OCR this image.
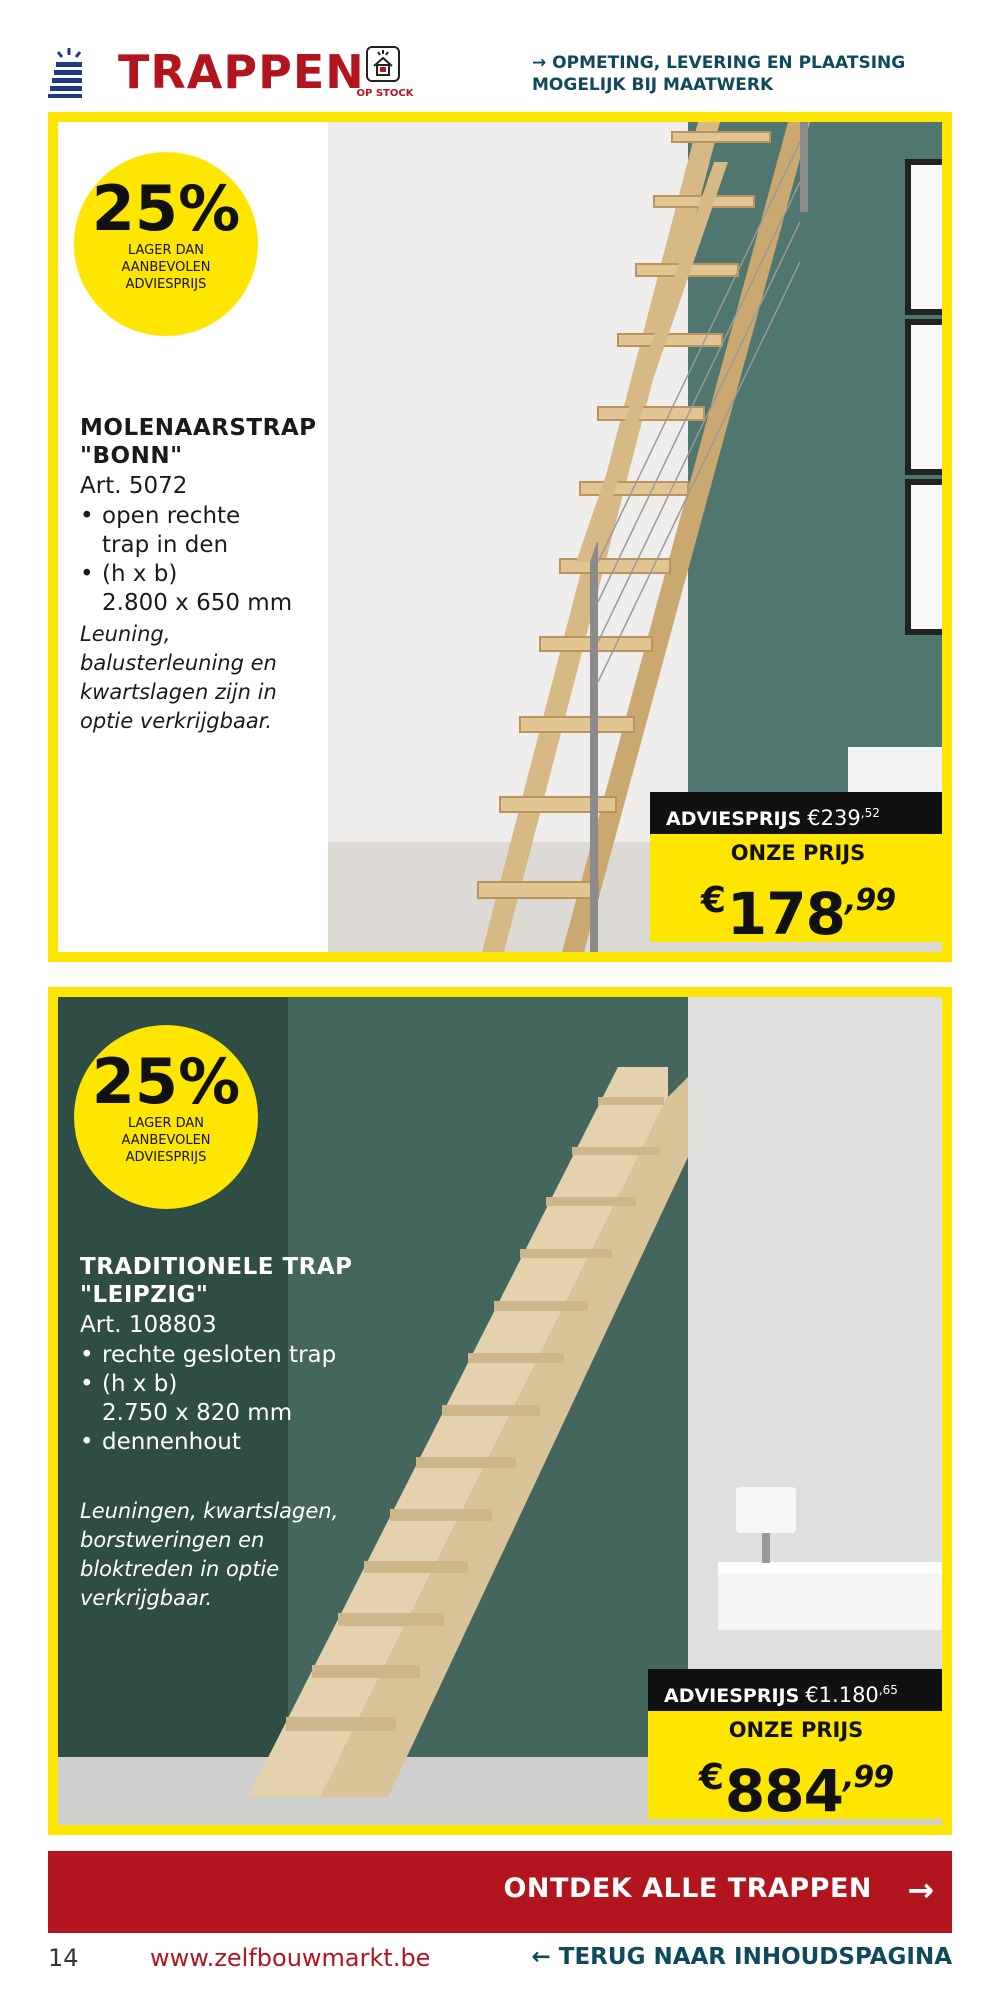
TRAPPEN
OP STOCK
→ OPMETING, LEVERING EN PLAATSING
MOGELIJK BIJ MAATWERK
25%
LAGER DAN AANBEVOLEN ADVIESPRIJS
MOLENAARSTRAP
"BONN"
Art. 5072
• open rechte
trap in den
• (h x b)
2.800 x 650 mm
Leuning,
balusterleuning en
kwartslagen zijn in
optie verkrijgbaar.
ADVIESPRIJS $€239^{,52}$
ONZE PRIJS
$^€178^{,99}$
25%
LAGER DAN AANBEVOLEN ADVIESPRIJS
TRADITIONELE TRAP
"LEIPZIG"
Art. 108803
• rechte gesloten trap
• (h x b)
2.750 x 820 mm
• dennenhout
Leuningen, kwartslagen,
borstweringen en
bloktreden in optie
verkrijgbaar.
ADVIESPRIJS $€1.180^{,65}$
ONZE PRIJS
$^€884^{,99}$
ONTDEK ALLE TRAPPEN →
14	www.zelfbouwmarkt.be	← TERUG NAAR INHOUDSPAGINA
